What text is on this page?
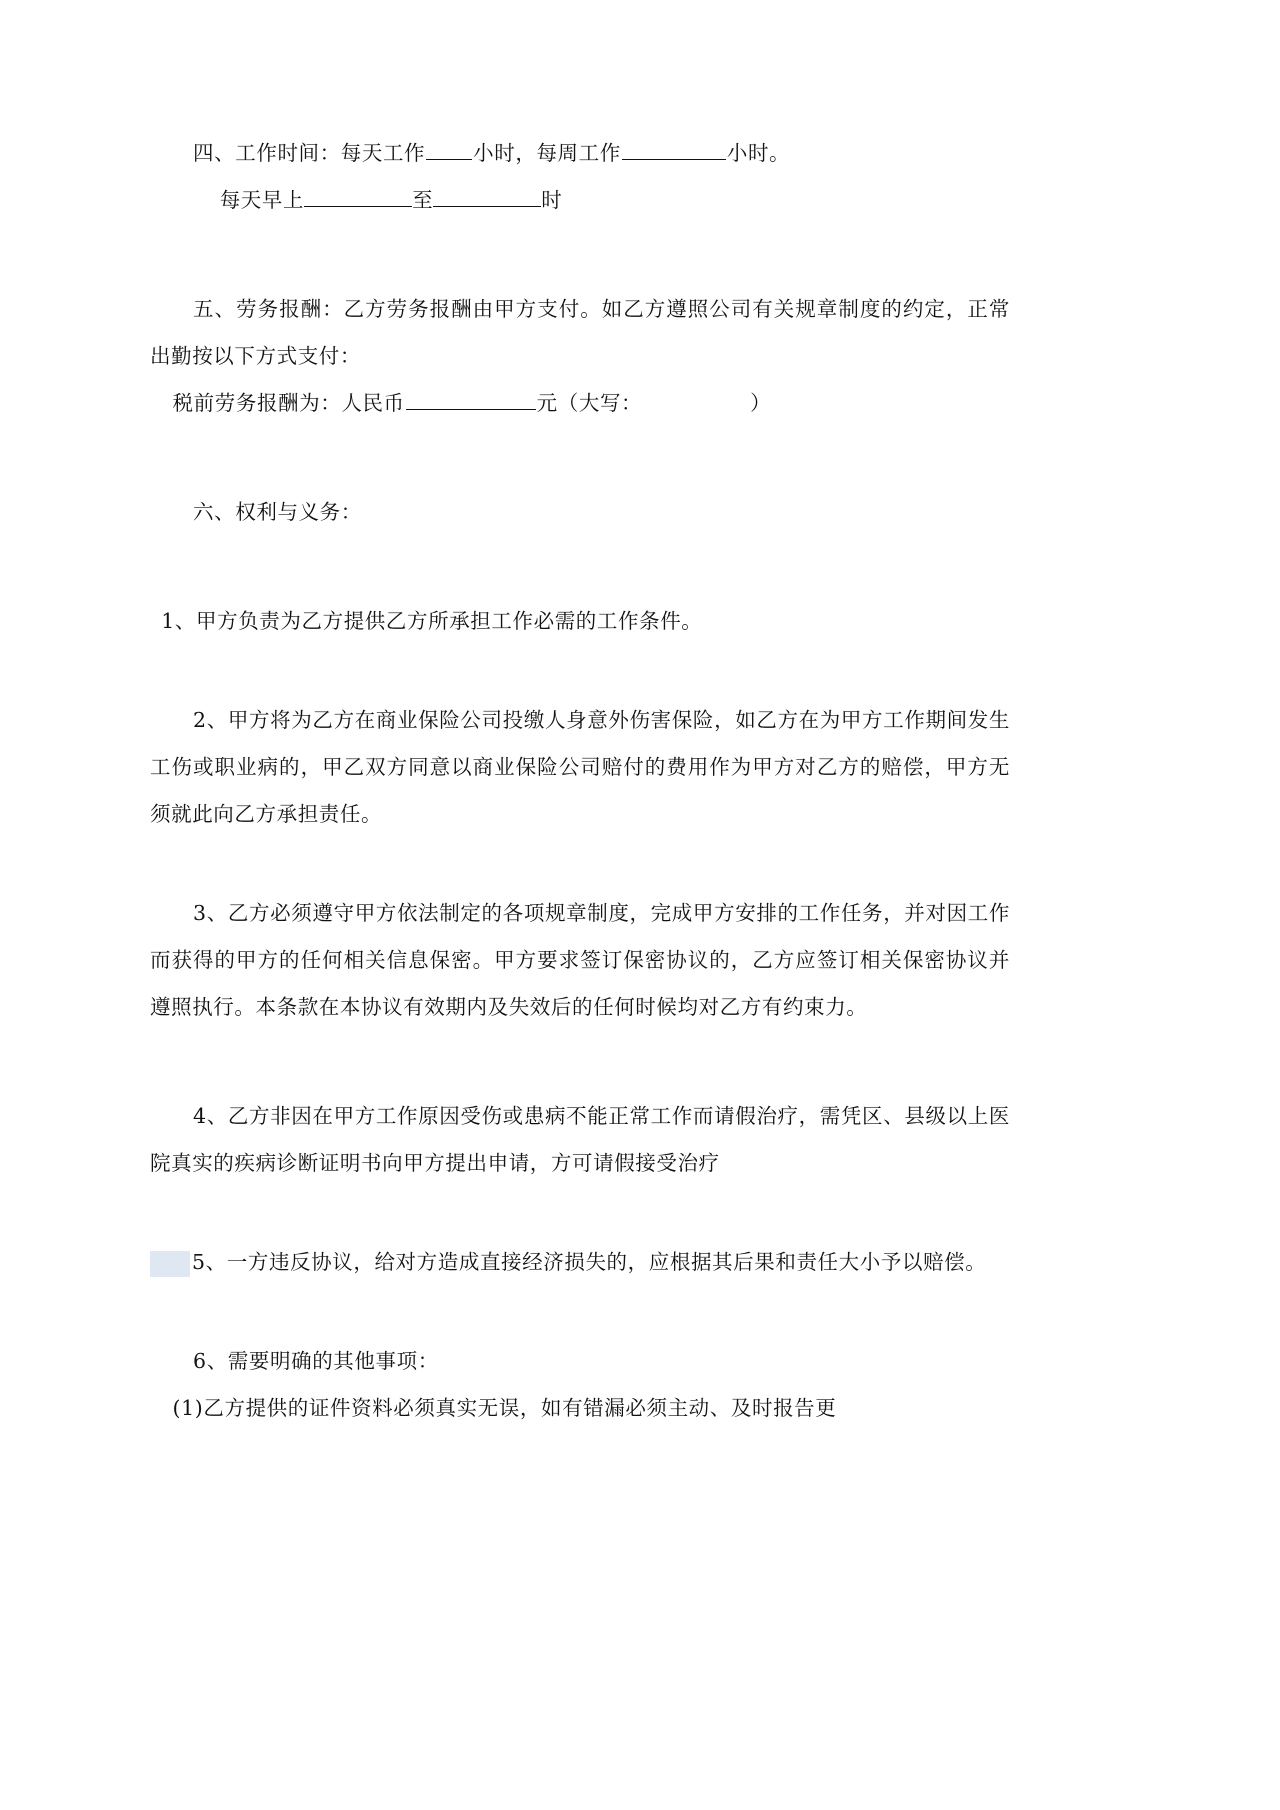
四、工作时间：每天工作 小时，每周工作	小时。

每天早上	至	时

五、劳务报酬：乙方劳务报酬由甲方支付。如乙方遵照公司有关规章制度的约定，正常出勤按以下方式支付：

税前劳务报酬为：人民币	元（大写：	）

六、权利与义务：

1、甲方负责为乙方提供乙方所承担工作必需的工作条件。

2、甲方将为乙方在商业保险公司投缴人身意外伤害保险，如乙方在为甲方工作期间发生工伤或职业病的，甲乙双方同意以商业保险公司赔付的费用作为甲方对乙方的赔偿，甲方无须就此向乙方承担责任。

3、乙方必须遵守甲方依法制定的各项规章制度，完成甲方安排的工作任务，并对因工作而获得的甲方的任何相关信息保密。甲方要求签订保密协议的，乙方应签订相关保密协议并遵照执行。本条款在本协议有效期内及失效后的任何时候均对乙方有约束力。

4、乙方非因在甲方工作原因受伤或患病不能正常工作而请假治疗，需凭区、县级以上医院真实的疾病诊断证明书向甲方提出申请，方可请假接受治疗

5、一方违反协议，给对方造成直接经济损失的，应根据其后果和责任大小予以赔偿。

6、需要明确的其他事项：

(1)乙方提供的证件资料必须真实无误，如有错漏必须主动、及时报告更
